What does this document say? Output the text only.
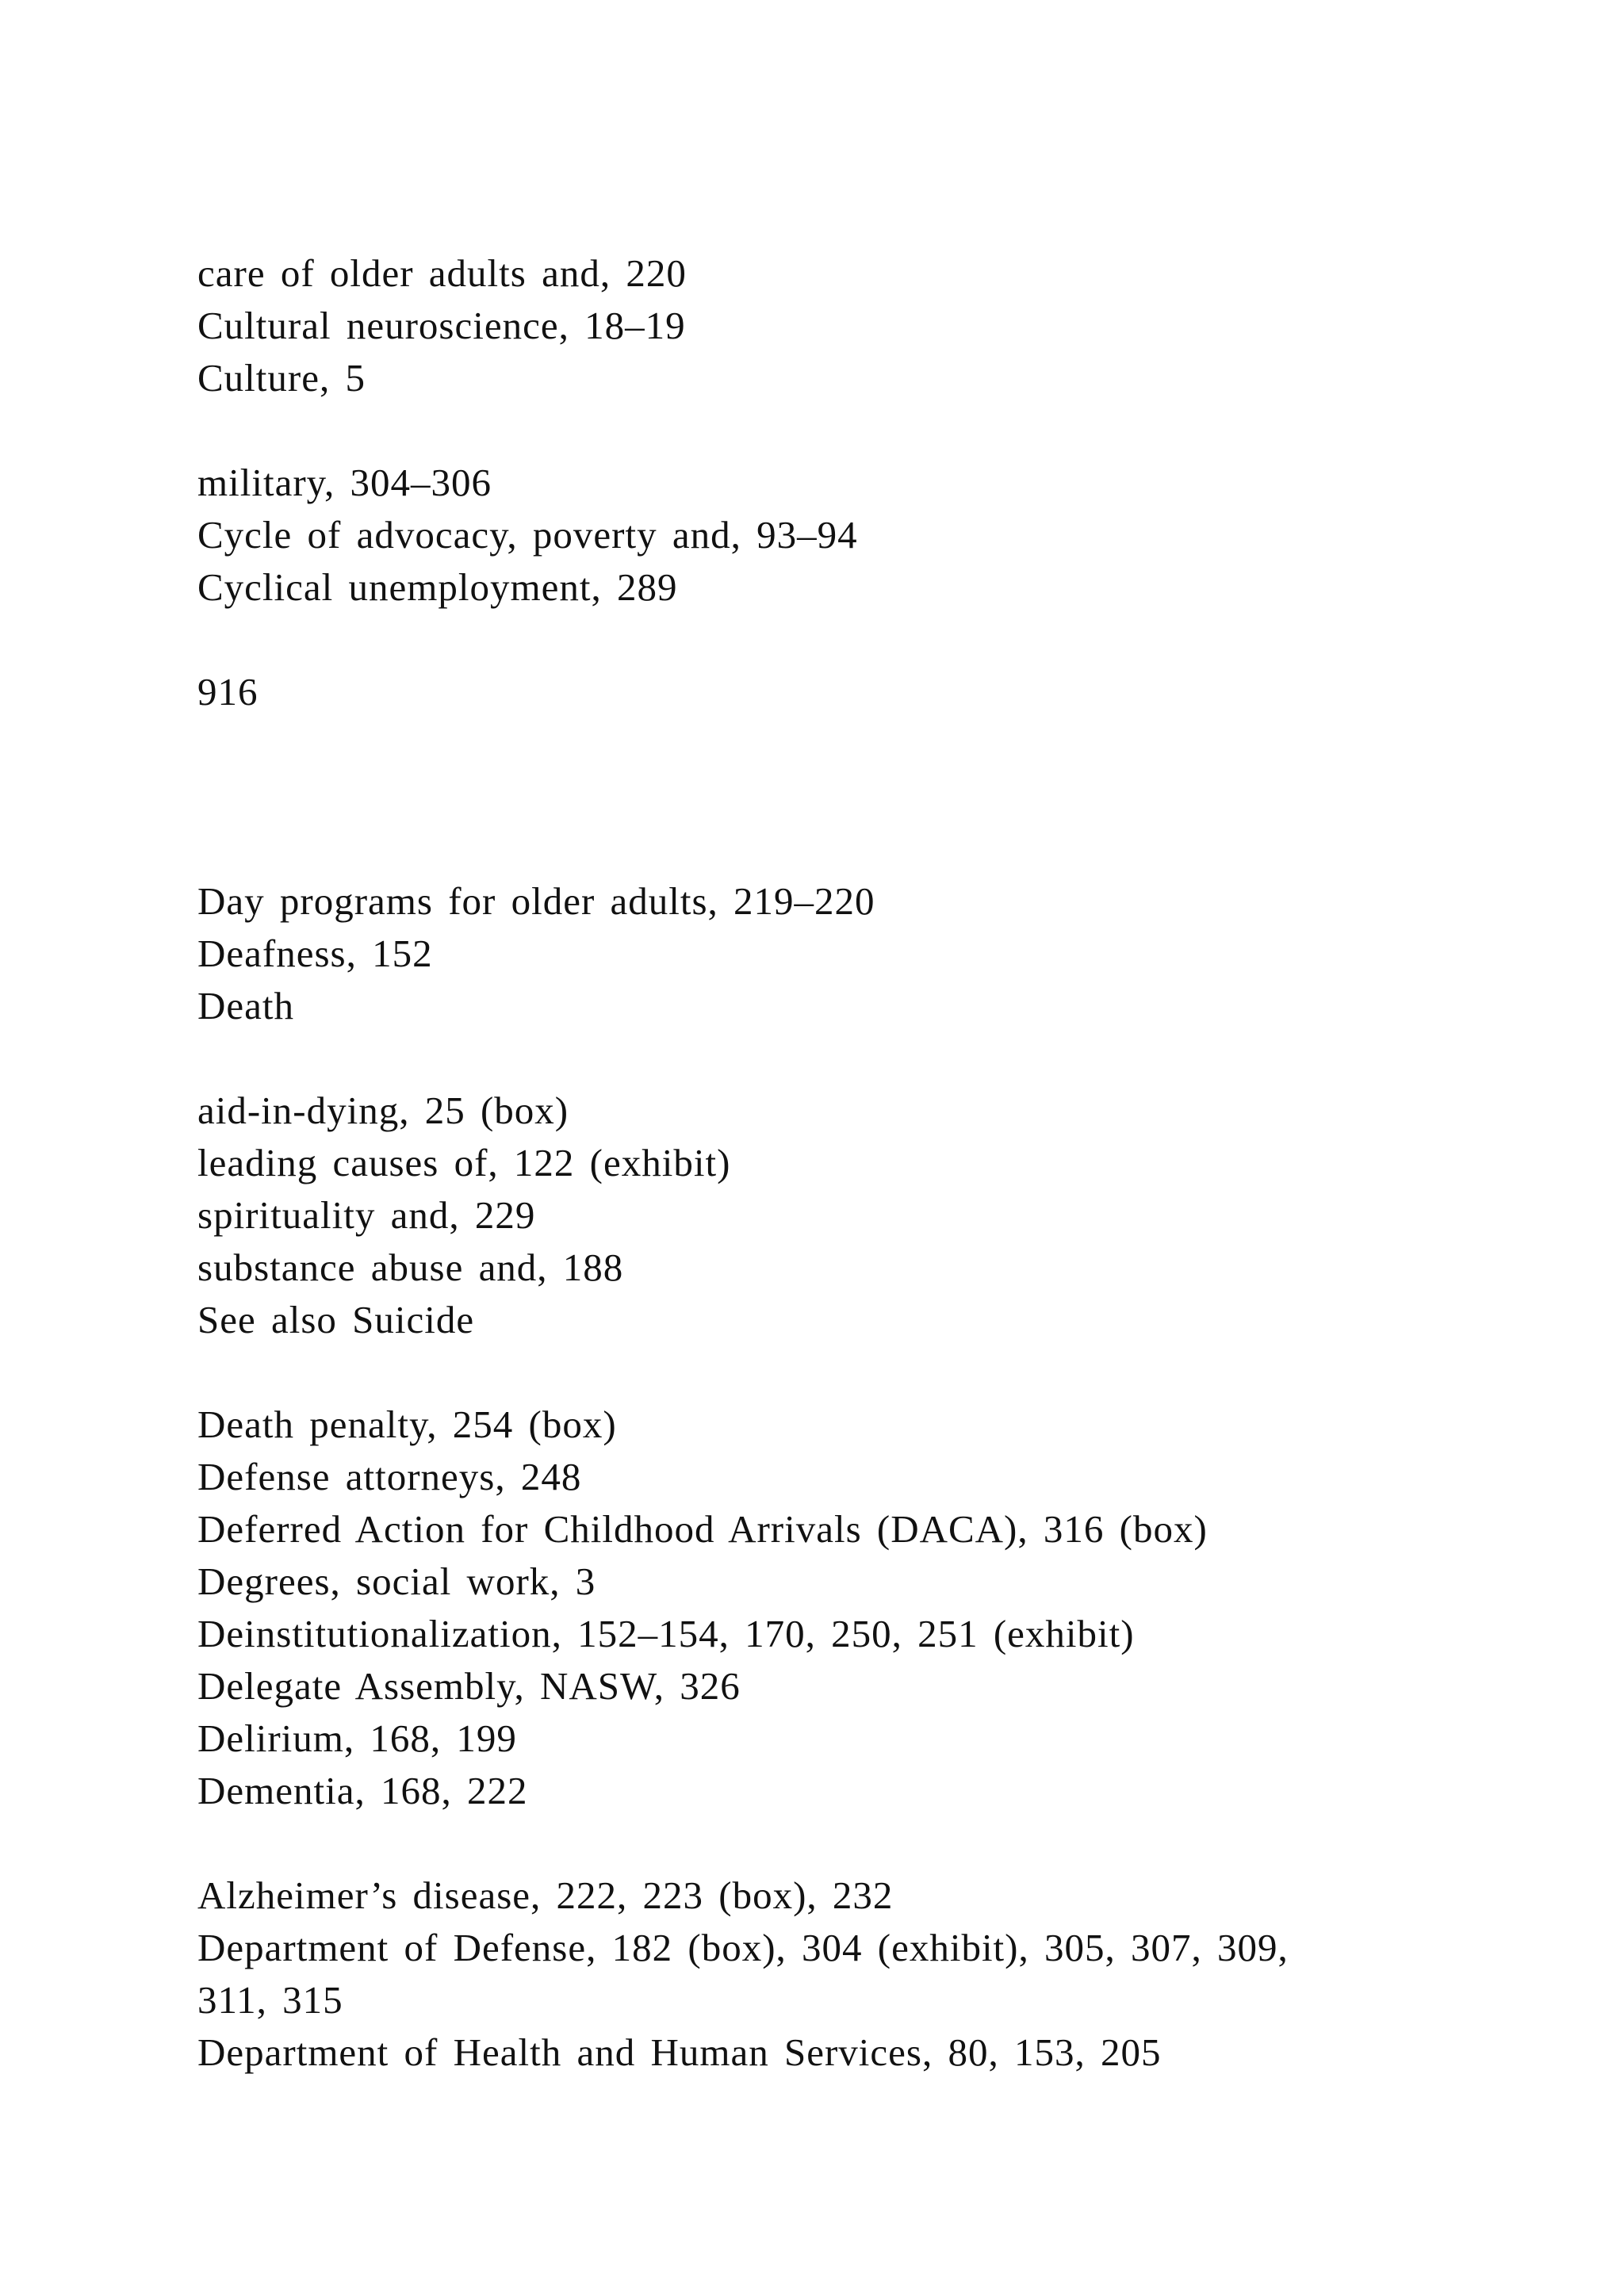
care of older adults and, 220
Cultural neuroscience, 18–19
Culture, 5
military, 304–306
Cycle of advocacy, poverty and, 93–94
Cyclical unemployment, 289
916
Day programs for older adults, 219–220
Deafness, 152
Death
aid-in-dying, 25 (box)
leading causes of, 122 (exhibit)
spirituality and, 229
substance abuse and, 188
See also Suicide
Death penalty, 254 (box)
Defense attorneys, 248
Deferred Action for Childhood Arrivals (DACA), 316 (box)
Degrees, social work, 3
Deinstitutionalization, 152–154, 170, 250, 251 (exhibit)
Delegate Assembly, NASW, 326
Delirium, 168, 199
Dementia, 168, 222
Alzheimer’s disease, 222, 223 (box), 232
Department of Defense, 182 (box), 304 (exhibit), 305, 307, 309,
311, 315
Department of Health and Human Services, 80, 153, 205
